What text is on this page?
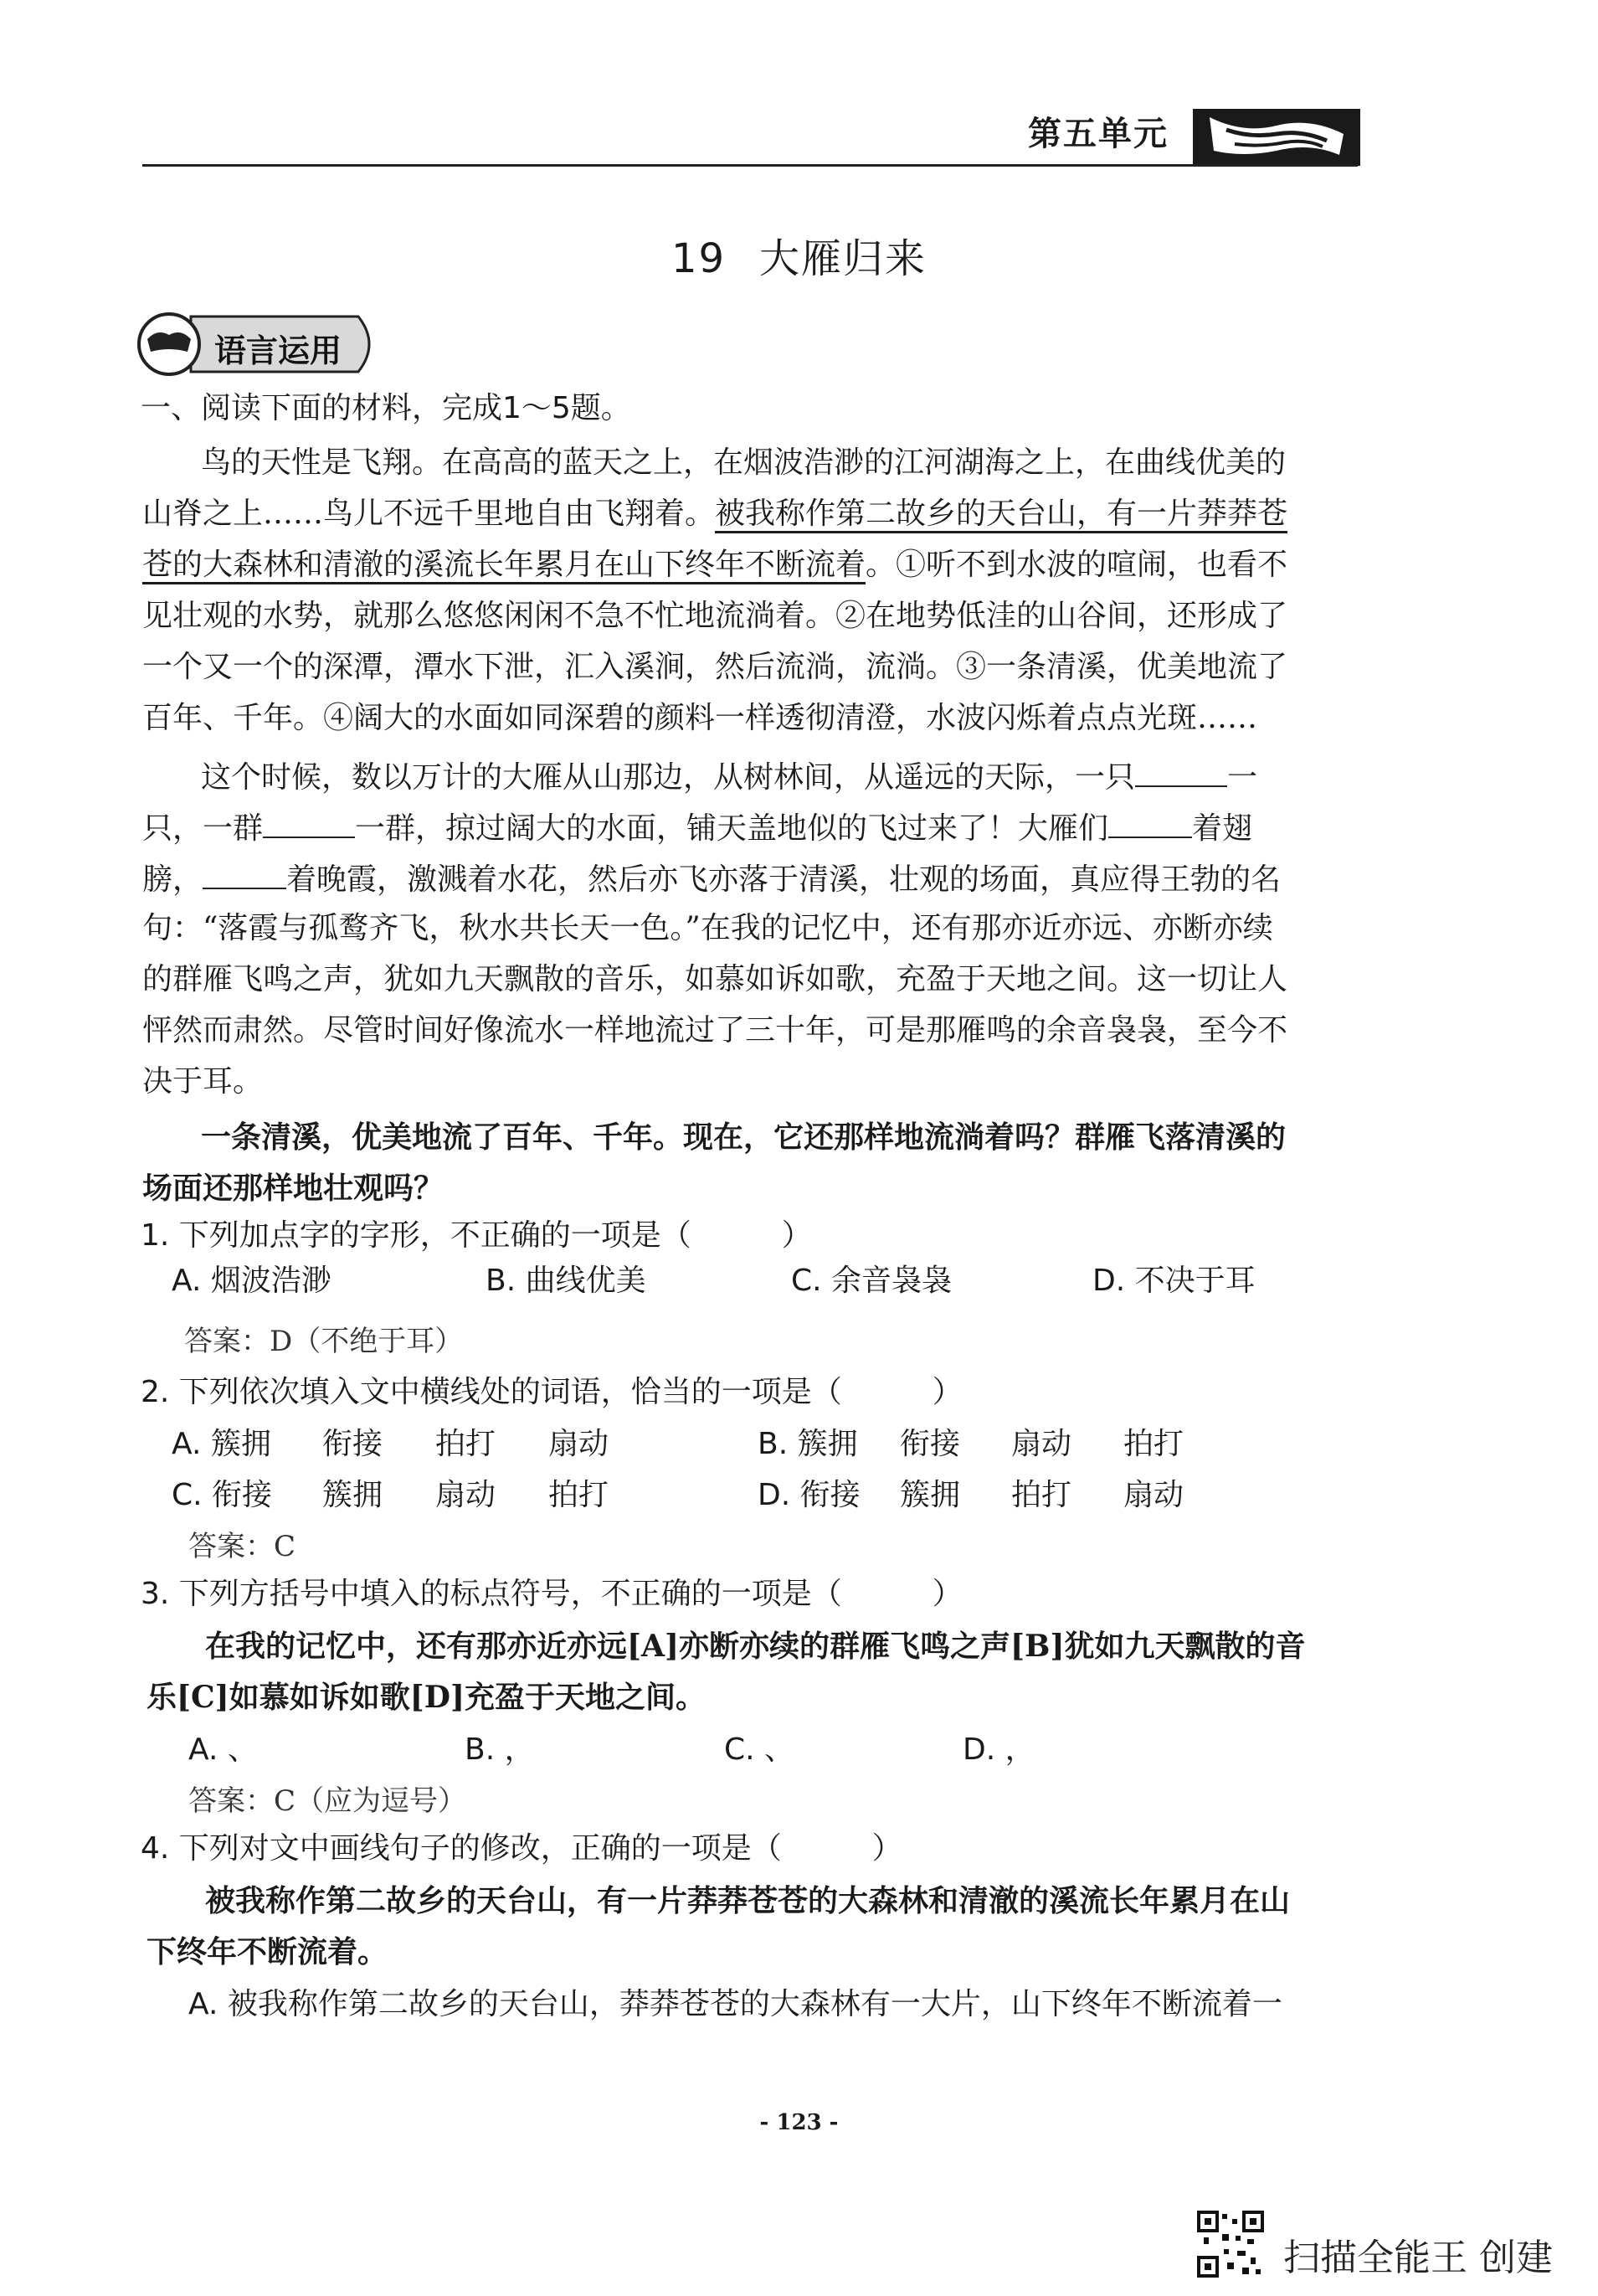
第五单元
19 大雁归来
语言运用
一、阅读下面的材料，完成1～5题。
鸟的天性是飞翔。在高高的蓝天之上，在烟波浩渺的江河湖海之上，在曲线优美的
山脊之上……鸟儿不远千里地自由飞翔着。被我称作第二故乡的天台山，有一片莽莽苍
苍的大森林和清澈的溪流长年累月在山下终年不断流着。①听不到水波的喧闹，也看不
见壮观的水势，就那么悠悠闲闲不急不忙地流淌着。②在地势低洼的山谷间，还形成了
一个又一个的深潭，潭水下泄，汇入溪涧，然后流淌，流淌。③一条清溪，优美地流了
百年、千年。④阔大的水面如同深碧的颜料一样透彻清澄，水波闪烁着点点光斑……
这个时候，数以万计的大雁从山那边，从树林间，从遥远的天际，一只	一
只，一群	一群，掠过阔大的水面，铺天盖地似的飞过来了！大雁们	着翅
膀，	着晚霞，激溅着水花，然后亦飞亦落于清溪，壮观的场面，真应得王勃的名
句：“落霞与孤鹜齐飞，秋水共长天一色。”在我的记忆中，还有那亦近亦远、亦断亦续
的群雁飞鸣之声，犹如九天飘散的音乐，如慕如诉如歌，充盈于天地之间。这一切让人
怦然而肃然。尽管时间好像流水一样地流过了三十年，可是那雁鸣的余音袅袅，至今不
决于耳。
一条清溪，优美地流了百年、千年。现在，它还那样地流淌着吗？群雁飞落清溪的
场面还那样地壮观吗？
1. 下列加点字的字形，不正确的一项是（　　　）
A. 烟波浩渺	B. 曲线优美	C. 余音袅袅	D. 不决于耳
答案：D（不绝于耳）
2. 下列依次填入文中横线处的词语，恰当的一项是（　　　）
A. 簇拥 衔接 拍打 扇动	B. 簇拥 衔接 扇动 拍打
C. 衔接 簇拥 扇动 拍打	D. 衔接 簇拥 拍打 扇动
答案：C
3. 下列方括号中填入的标点符号，不正确的一项是（　　　）
在我的记忆中，还有那亦近亦远[A]亦断亦续的群雁飞鸣之声[B]犹如九天飘散的音
乐[C]如慕如诉如歌[D]充盈于天地之间。
A. 、	B. ，	C. 、	D. ，
答案：C（应为逗号）
4. 下列对文中画线句子的修改，正确的一项是（　　　）
被我称作第二故乡的天台山，有一片莽莽苍苍的大森林和清澈的溪流长年累月在山
下终年不断流着。
A. 被我称作第二故乡的天台山，莽莽苍苍的大森林有一大片，山下终年不断流着一
- 123 -
扫描全能王 创建
